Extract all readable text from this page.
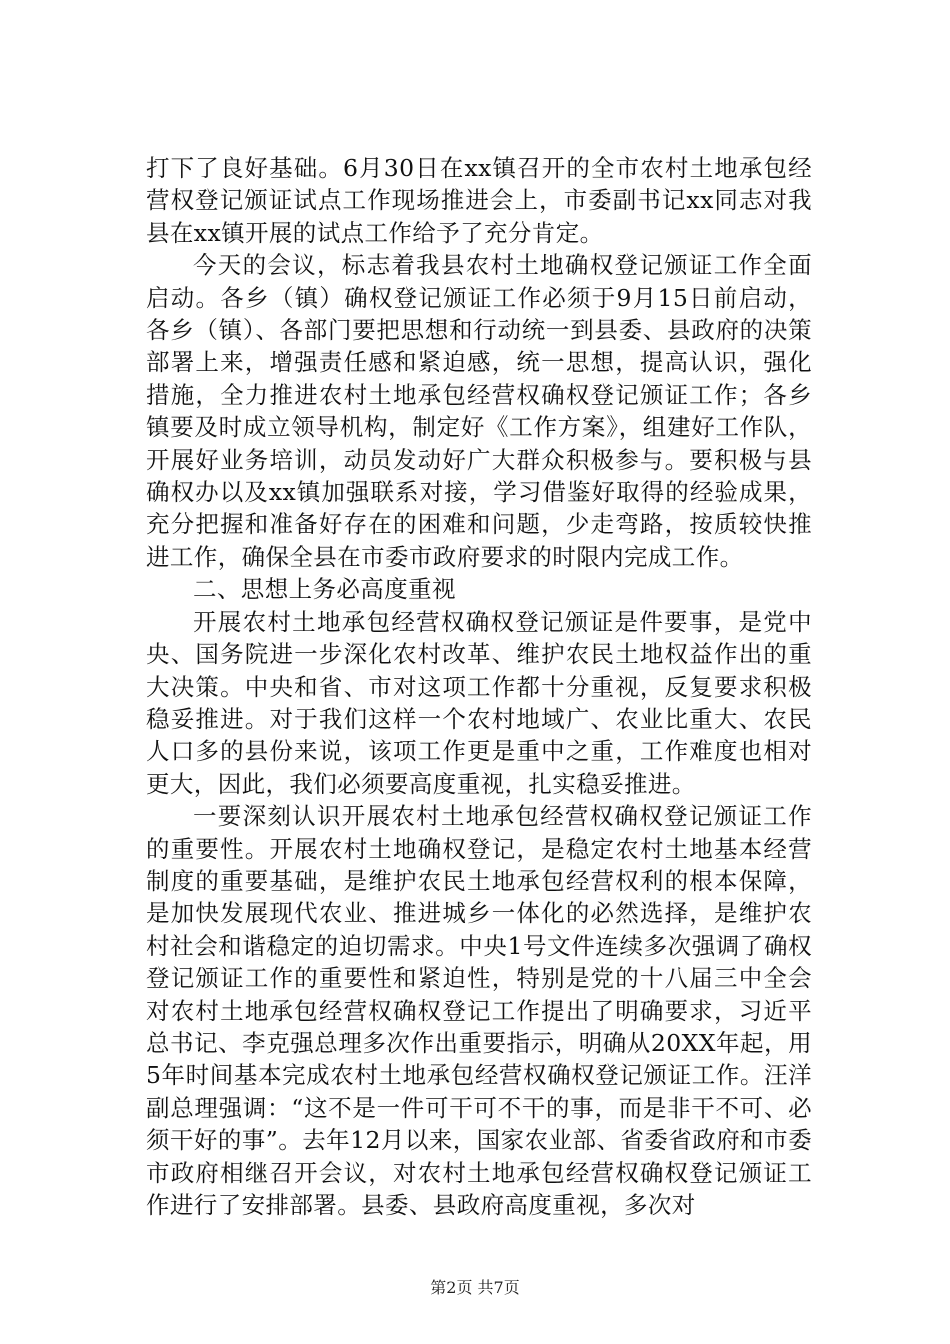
打下了良好基础。6月30日在xx镇召开的全市农村土地承包经营权登记颁证试点工作现场推进会上，市委副书记xx同志对我县在xx镇开展的试点工作给予了充分肯定。

今天的会议，标志着我县农村土地确权登记颁证工作全面启动。各乡（镇）确权登记颁证工作必须于9月15日前启动，各乡（镇）、各部门要把思想和行动统一到县委、县政府的决策部署上来，增强责任感和紧迫感，统一思想，提高认识，强化措施，全力推进农村土地承包经营权确权登记颁证工作；各乡镇要及时成立领导机构，制定好《工作方案》，组建好工作队，开展好业务培训，动员发动好广大群众积极参与。要积极与县确权办以及xx镇加强联系对接，学习借鉴好取得的经验成果，充分把握和准备好存在的困难和问题，少走弯路，按质较快推进工作，确保全县在市委市政府要求的时限内完成工作。

二、思想上务必高度重视

开展农村土地承包经营权确权登记颁证是件要事，是党中央、国务院进一步深化农村改革、维护农民土地权益作出的重大决策。中央和省、市对这项工作都十分重视，反复要求积极稳妥推进。对于我们这样一个农村地域广、农业比重大、农民人口多的县份来说，该项工作更是重中之重，工作难度也相对更大，因此，我们必须要高度重视，扎实稳妥推进。

一要深刻认识开展农村土地承包经营权确权登记颁证工作的重要性。开展农村土地确权登记，是稳定农村土地基本经营制度的重要基础，是维护农民土地承包经营权利的根本保障，是加快发展现代农业、推进城乡一体化的必然选择，是维护农村社会和谐稳定的迫切需求。中央1号文件连续多次强调了确权登记颁证工作的重要性和紧迫性，特别是党的十八届三中全会对农村土地承包经营权确权登记工作提出了明确要求，习近平总书记、李克强总理多次作出重要指示，明确从20XX年起，用5年时间基本完成农村土地承包经营权确权登记颁证工作。汪洋副总理强调：“这不是一件可干可不干的事，而是非干不可、必须干好的事”。去年12月以来，国家农业部、省委省政府和市委市政府相继召开会议，对农村土地承包经营权确权登记颁证工作进行了安排部署。县委、县政府高度重视，多次对

第2页 共7页
